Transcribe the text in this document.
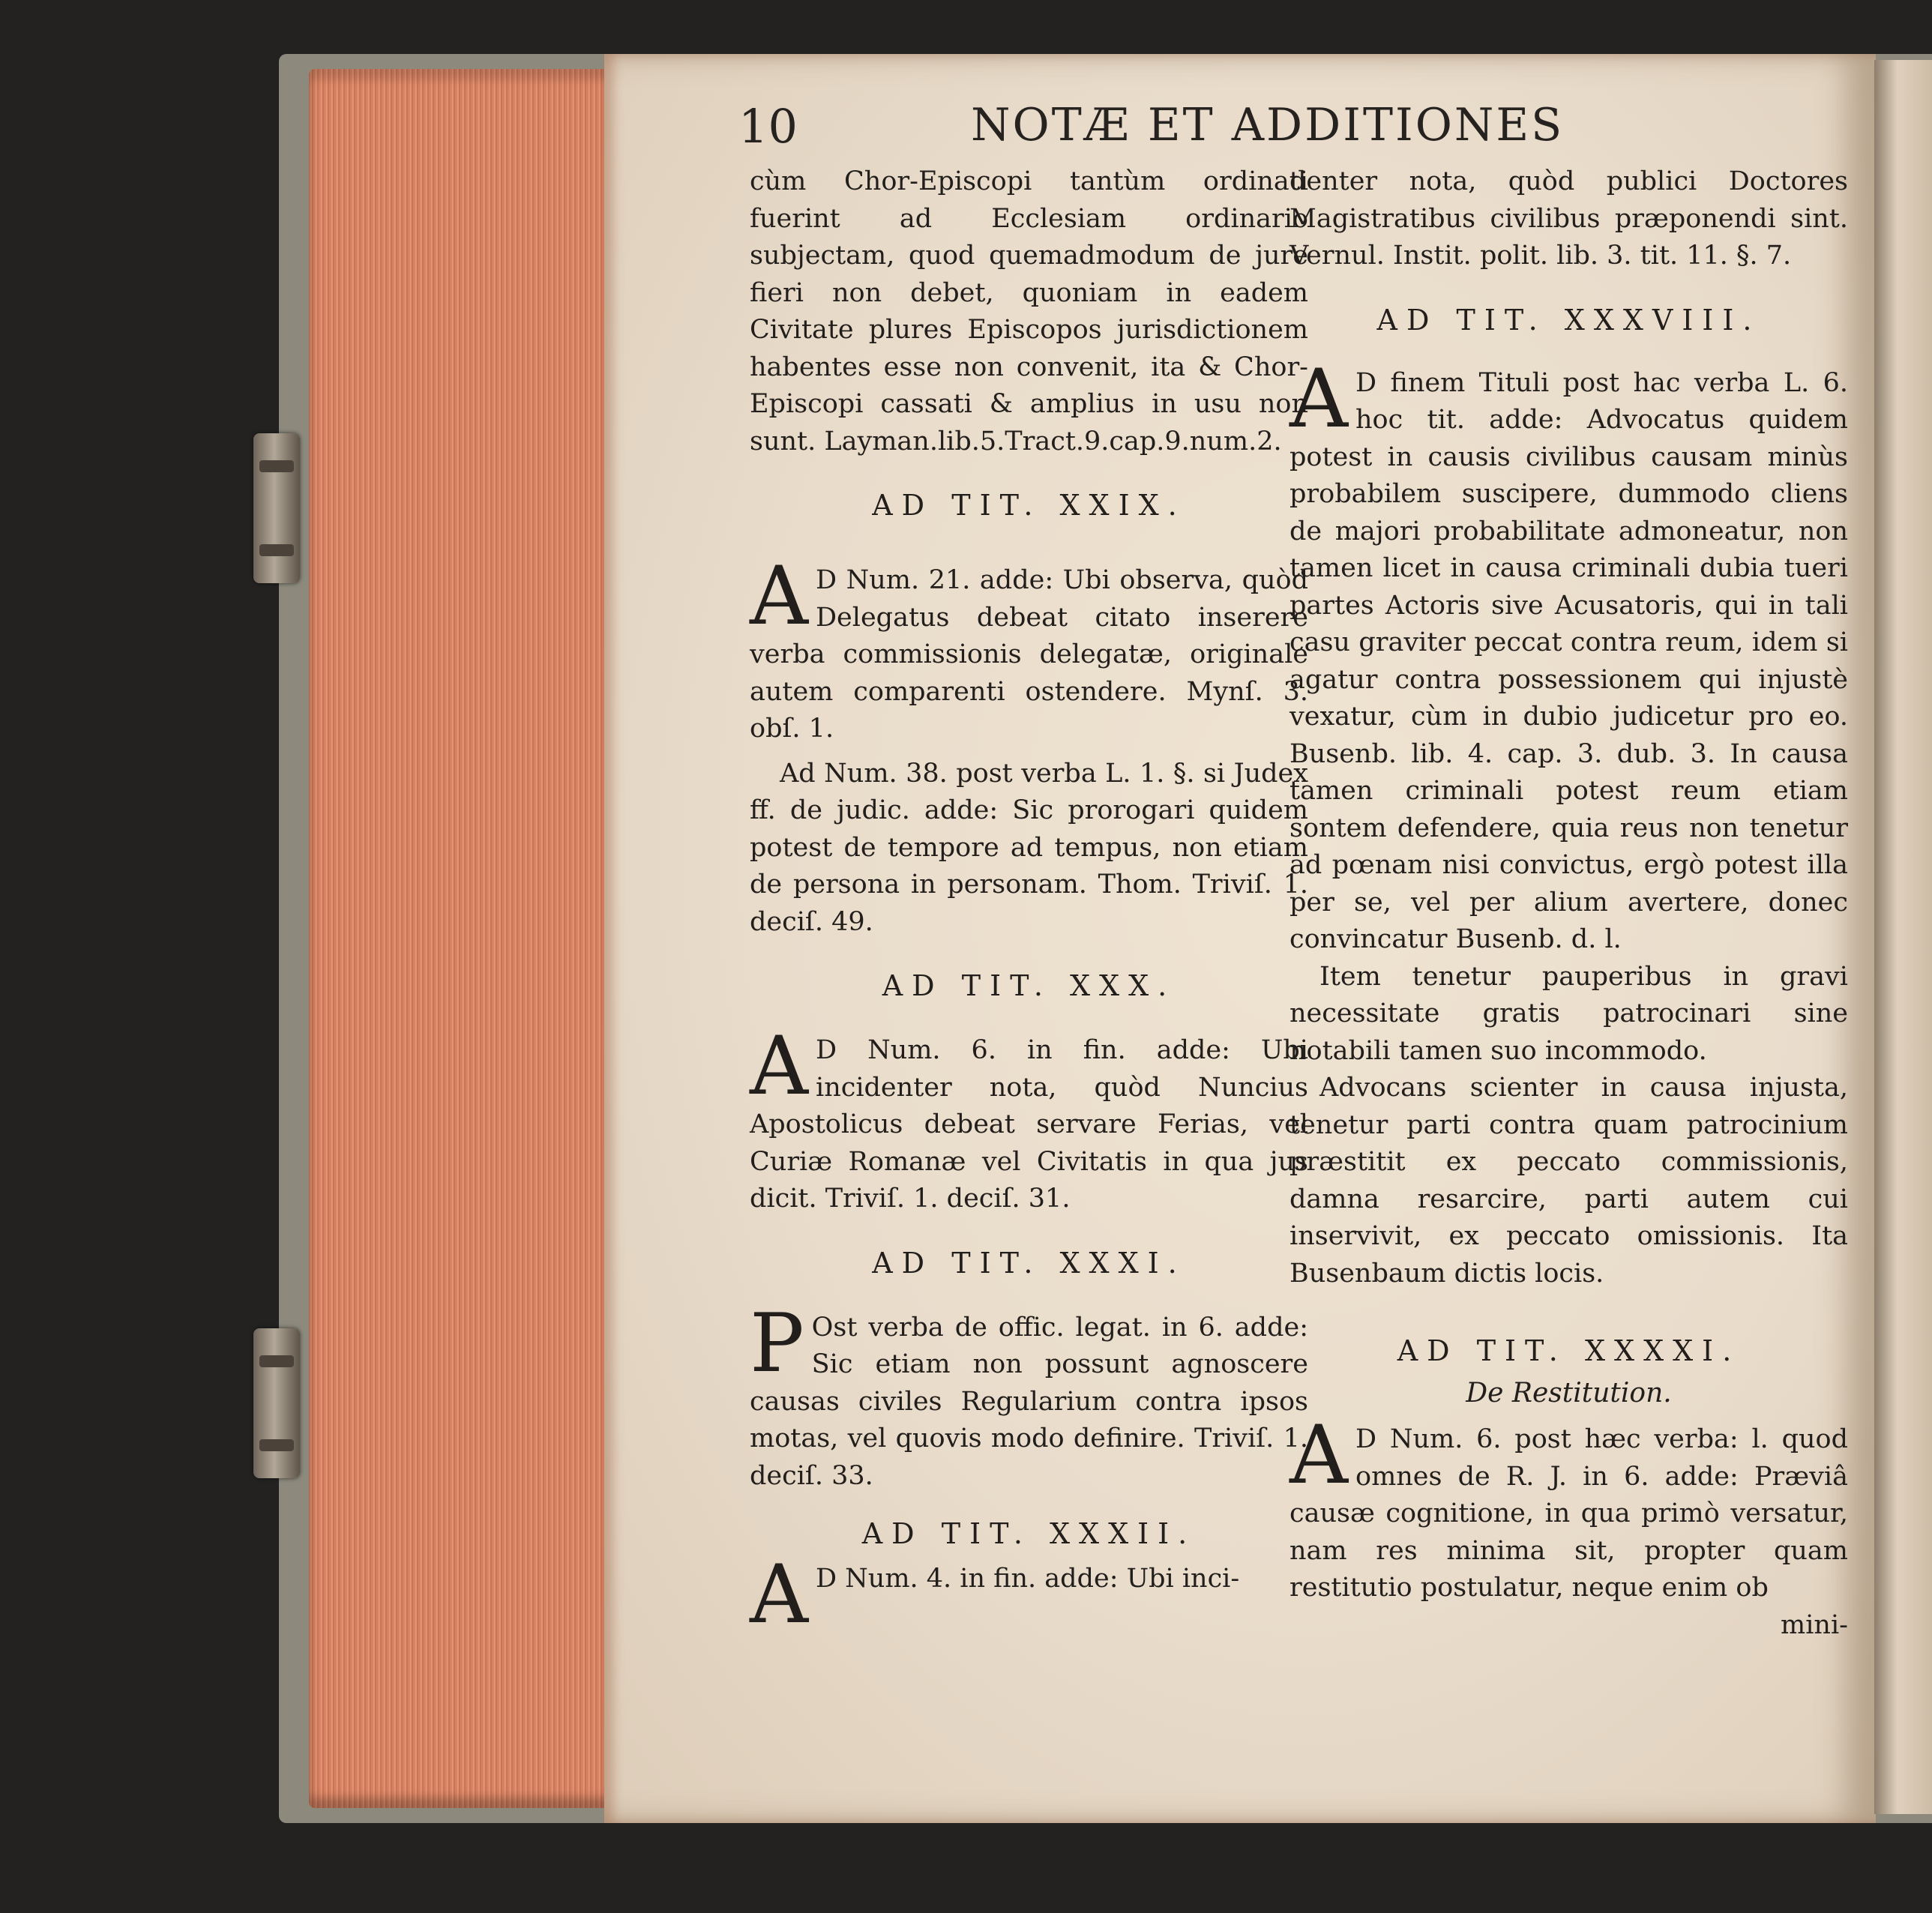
10	NOTÆ ET ADDITIONES

cùm Chor-Episcopi tantùm ordinati fuerint ad Ecclesiam ordinario subjectam, quod quemadmodum de jure fieri non debet, quoniam in eadem Civitate plures Episcopos jurisdictionem habentes esse non convenit, ita & Chor-Episcopi cassati & amplius in usu non sunt. Layman.lib.5.Tract.9.cap.9.num.2.

AD TIT. XXIX.

A D Num. 21. adde: Ubi observa, quòd Delegatus debeat citato inserere verba commissionis delegatæ, originale autem comparenti ostendere. Mynſ. 3. obſ. 1.

Ad Num. 38. post verba L. 1. §. si Judex ff. de judic. adde: Sic prorogari quidem potest de tempore ad tempus, non etiam de persona in personam. Thom. Triviſ. 1. deciſ. 49.

AD TIT. XXX.

A D Num. 6. in fin. adde: Ubi incidenter nota, quòd Nuncius Apostolicus debeat servare Ferias, vel Curiæ Romanæ vel Civitatis in qua jus dicit. Triviſ. 1. deciſ. 31.

AD TIT. XXXI.

P Ost verba de offic. legat. in 6. adde: Sic etiam non possunt agnoscere causas civiles Regularium contra ipsos motas, vel quovis modo definire. Triviſ. 1. deciſ. 33.

AD TIT. XXXII.

A D Num. 4. in fin. adde: Ubi inci-

denter nota, quòd publici Doctores Magistratibus civilibus præponendi sint. Vernul. Instit. polit. lib. 3. tit. 11. §. 7.

AD TIT. XXXVIII.

A D finem Tituli post hac verba L. 6. hoc tit. adde: Advocatus quidem potest in causis civilibus causam minùs probabilem suscipere, dummodo cliens de majori probabilitate admoneatur, non tamen licet in causa criminali dubia tueri partes Actoris sive Acusatoris, qui in tali casu graviter peccat contra reum, idem si agatur contra possessionem qui injustè vexatur, cùm in dubio judicetur pro eo. Busenb. lib. 4. cap. 3. dub. 3. In causa tamen criminali potest reum etiam sontem defendere, quia reus non tenetur ad pœnam nisi convictus, ergò potest illa per se, vel per alium avertere, donec convincatur Busenb. d. l.

Item tenetur pauperibus in gravi necessitate gratis patrocinari sine notabili tamen suo incommodo.

Advocans scienter in causa injusta, tenetur parti contra quam patrocinium præstitit ex peccato commissionis, damna resarcire, parti autem cui inservivit, ex peccato omissionis. Ita Busenbaum dictis locis.

AD TIT. XXXXI.

De Restitution.

A D Num. 6. post hæc verba: l. quod omnes de R. J. in 6. adde: Præviâ causæ cognitione, in qua primò versatur, nam res minima sit, propter quam restitutio postulatur, neque enim ob

mini-
